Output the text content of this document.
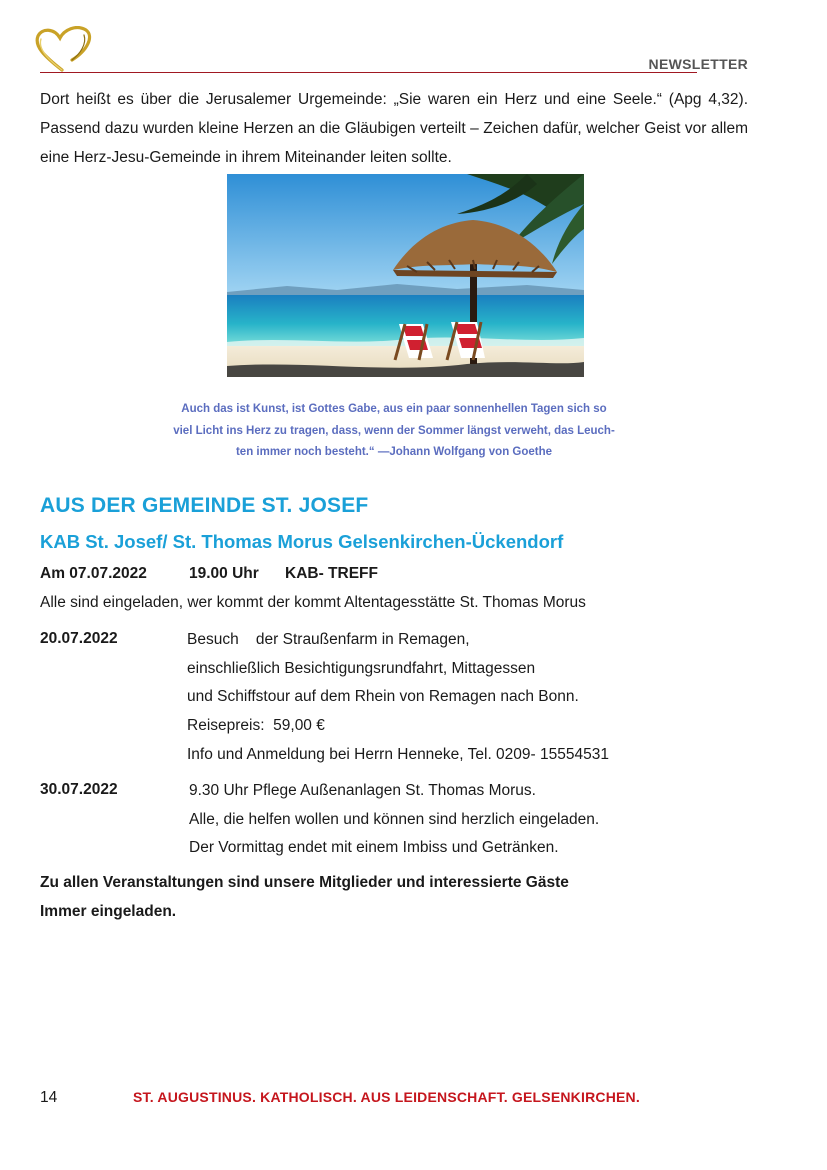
NEWSLETTER

Dort heißt es über die Jerusalemer Urgemeinde: „Sie waren ein Herz und eine Seele.“ (Apg 4,32). Passend dazu wurden kleine Herzen an die Gläubigen verteilt – Zeichen dafür, welcher Geist vor allem eine Herz-Jesu-Gemeinde in ihrem Miteinander leiten sollte.

Auch das ist Kunst, ist Gottes Gabe, aus ein paar sonnenhellen Tagen sich so
viel Licht ins Herz zu tragen, dass, wenn der Sommer längst verweht, das Leuch-
ten immer noch besteht.“ —Johann Wolfgang von Goethe

AUS DER GEMEINDE ST. JOSEF
KAB St. Josef/ St. Thomas Morus Gelsenkirchen-Ückendorf
Am 07.07.2022	19.00 Uhr KAB- TREFF
Alle sind eingeladen, wer kommt der kommt Altentagesstätte St. Thomas Morus
20.07.2022	Besuch    der Straußenfarm in Remagen,
einschließlich Besichtigungsrundfahrt, Mittagessen
und Schiffstour auf dem Rhein von Remagen nach Bonn.
Reisepreis:  59,00 €
Info und Anmeldung bei Herrn Henneke, Tel. 0209- 15554531
30.07.2022	9.30 Uhr Pflege Außenanlagen St. Thomas Morus.
Alle, die helfen wollen und können sind herzlich eingeladen.
Der Vormittag endet mit einem Imbiss und Getränken.
Zu allen Veranstaltungen sind unsere Mitglieder und interessierte Gäste
Immer eingeladen.
14	ST. AUGUSTINUS. KATHOLISCH. AUS LEIDENSCHAFT. GELSENKIRCHEN.
